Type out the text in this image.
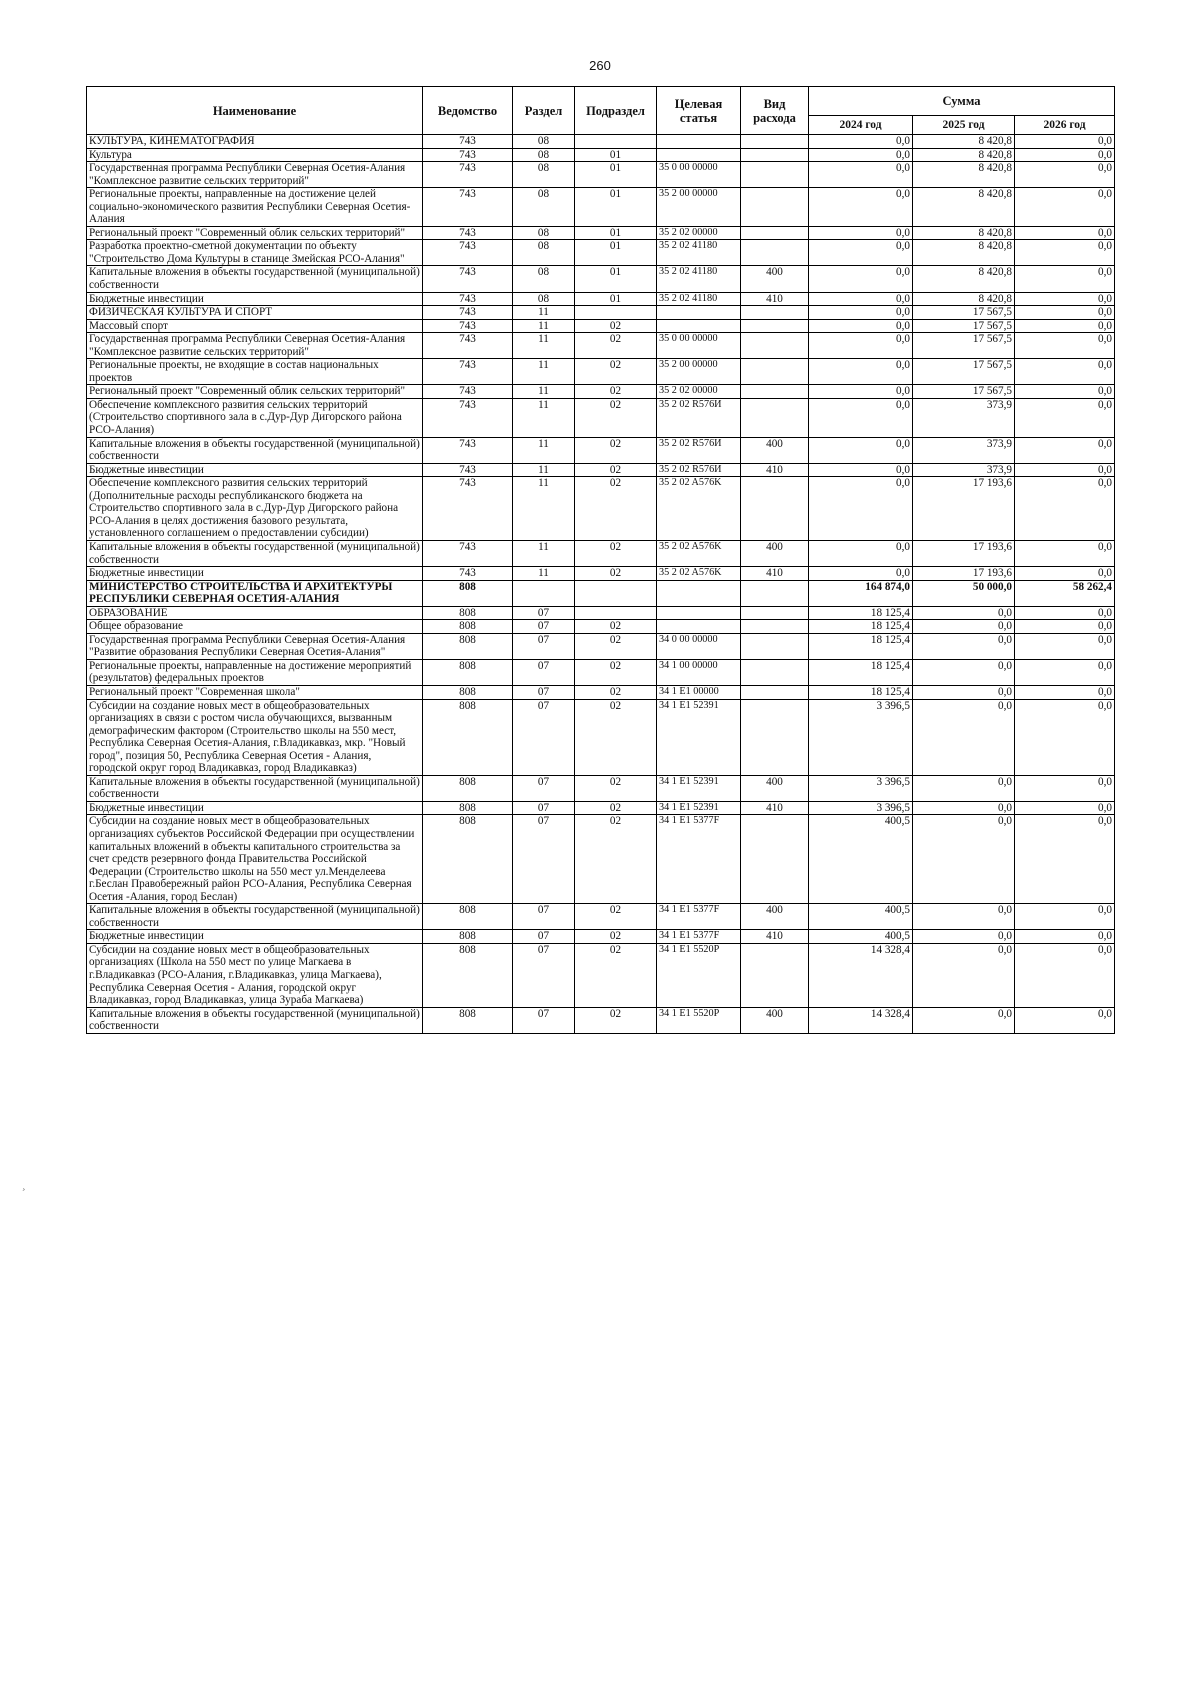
260
Наименование	Ведомство	Раздел	Подраздел	Целевая статья	Вид расхода	Сумма		
						2024 год	2025 год	2026 год
КУЛЬТУРА, КИНЕМАТОГРАФИЯ	743	08				0,0	8 420,8	0,0
Культура	743	08	01			0,0	8 420,8	0,0
Государственная программа Республики Северная Осетия-Алания "Комплексное развитие сельских территорий"	743	08	01	35 0 00 00000		0,0	8 420,8	0,0
Региональные проекты, направленные на достижение целей социально-экономического развития Республики Северная Осетия-Алания	743	08	01	35 2 00 00000		0,0	8 420,8	0,0
Региональный проект "Современный облик сельских территорий"	743	08	01	35 2 02 00000		0,0	8 420,8	0,0
Разработка проектно-сметной документации по объекту "Строительство Дома Культуры в станице Змейская РСО-Алания"	743	08	01	35 2 02 41180		0,0	8 420,8	0,0
Капитальные вложения в объекты государственной (муниципальной) собственности	743	08	01	35 2 02 41180	400	0,0	8 420,8	0,0
Бюджетные инвестиции	743	08	01	35 2 02 41180	410	0,0	8 420,8	0,0
ФИЗИЧЕСКАЯ КУЛЬТУРА И СПОРТ	743	11				0,0	17 567,5	0,0
Массовый спорт	743	11	02			0,0	17 567,5	0,0
Государственная программа Республики Северная Осетия-Алания "Комплексное развитие сельских территорий"	743	11	02	35 0 00 00000		0,0	17 567,5	0,0
Региональные проекты, не входящие в состав национальных проектов	743	11	02	35 2 00 00000		0,0	17 567,5	0,0
Региональный проект "Современный облик сельских территорий"	743	11	02	35 2 02 00000		0,0	17 567,5	0,0
Обеспечение комплексного развития сельских территорий (Строительство спортивного зала в с.Дур-Дур Дигорского района РСО-Алания)	743	11	02	35 2 02 R576И		0,0	373,9	0,0
Капитальные вложения в объекты государственной (муниципальной) собственности	743	11	02	35 2 02 R576И	400	0,0	373,9	0,0
Бюджетные инвестиции	743	11	02	35 2 02 R576И	410	0,0	373,9	0,0
Обеспечение комплексного развития сельских территорий (Дополнительные расходы республиканского бюджета на Строительство спортивного зала в с.Дур-Дур Дигорского района РСО-Алания в целях достижения базового результата, установленного соглашением о предоставлении субсидии)	743	11	02	35 2 02 A576K		0,0	17 193,6	0,0
Капитальные вложения в объекты государственной (муниципальной) собственности	743	11	02	35 2 02 A576K	400	0,0	17 193,6	0,0
Бюджетные инвестиции	743	11	02	35 2 02 A576K	410	0,0	17 193,6	0,0
МИНИСТЕРСТВО СТРОИТЕЛЬСТВА И АРХИТЕКТУРЫ РЕСПУБЛИКИ СЕВЕРНАЯ ОСЕТИЯ-АЛАНИЯ	808					164 874,0	50 000,0	58 262,4
ОБРАЗОВАНИЕ	808	07				18 125,4	0,0	0,0
Общее образование	808	07	02			18 125,4	0,0	0,0
Государственная программа Республики Северная Осетия-Алания "Развитие образования Республики Северная Осетия-Алания"	808	07	02	34 0 00 00000		18 125,4	0,0	0,0
Региональные проекты, направленные на достижение мероприятий (результатов) федеральных проектов	808	07	02	34 1 00 00000		18 125,4	0,0	0,0
Региональный проект "Современная школа"	808	07	02	34 1 E1 00000		18 125,4	0,0	0,0
Субсидии на создание новых мест в общеобразовательных организациях в связи с ростом числа обучающихся, вызванным демографическим фактором (Строительство школы на 550 мест, Республика Северная Осетия-Алания, г.Владикавказ, мкр. "Новый город", позиция 50, Республика Северная Осетия - Алания, городской округ город Владикавказ, город Владикавказ)	808	07	02	34 1 E1 52391		3 396,5	0,0	0,0
Капитальные вложения в объекты государственной (муниципальной) собственности	808	07	02	34 1 E1 52391	400	3 396,5	0,0	0,0
Бюджетные инвестиции	808	07	02	34 1 E1 52391	410	3 396,5	0,0	0,0
Субсидии на создание новых мест в общеобразовательных организациях субъектов Российской Федерации при осуществлении капитальных вложений в объекты капитального строительства за счет средств резервного фонда Правительства Российской Федерации (Строительство школы на 550 мест ул.Менделеева г.Беслан Правобережный район РСО-Алания, Республика Северная Осетия -Алания, город Беслан)	808	07	02	34 1 E1 5377F		400,5	0,0	0,0
Капитальные вложения в объекты государственной (муниципальной) собственности	808	07	02	34 1 E1 5377F	400	400,5	0,0	0,0
Бюджетные инвестиции	808	07	02	34 1 E1 5377F	410	400,5	0,0	0,0
Субсидии на создание новых мест в общеобразовательных организациях (Школа на 550 мест по улице Магкаева в г.Владикавказ (РСО-Алания, г.Владикавказ, улица Магкаева), Республика Северная Осетия - Алания, городской округ Владикавказ, город Владикавказ, улица Зураба Магкаева)	808	07	02	34 1 E1 5520P		14 328,4	0,0	0,0
Капитальные вложения в объекты государственной (муниципальной) собственности	808	07	02	34 1 E1 5520P	400	14 328,4	0,0	0,0
¸
